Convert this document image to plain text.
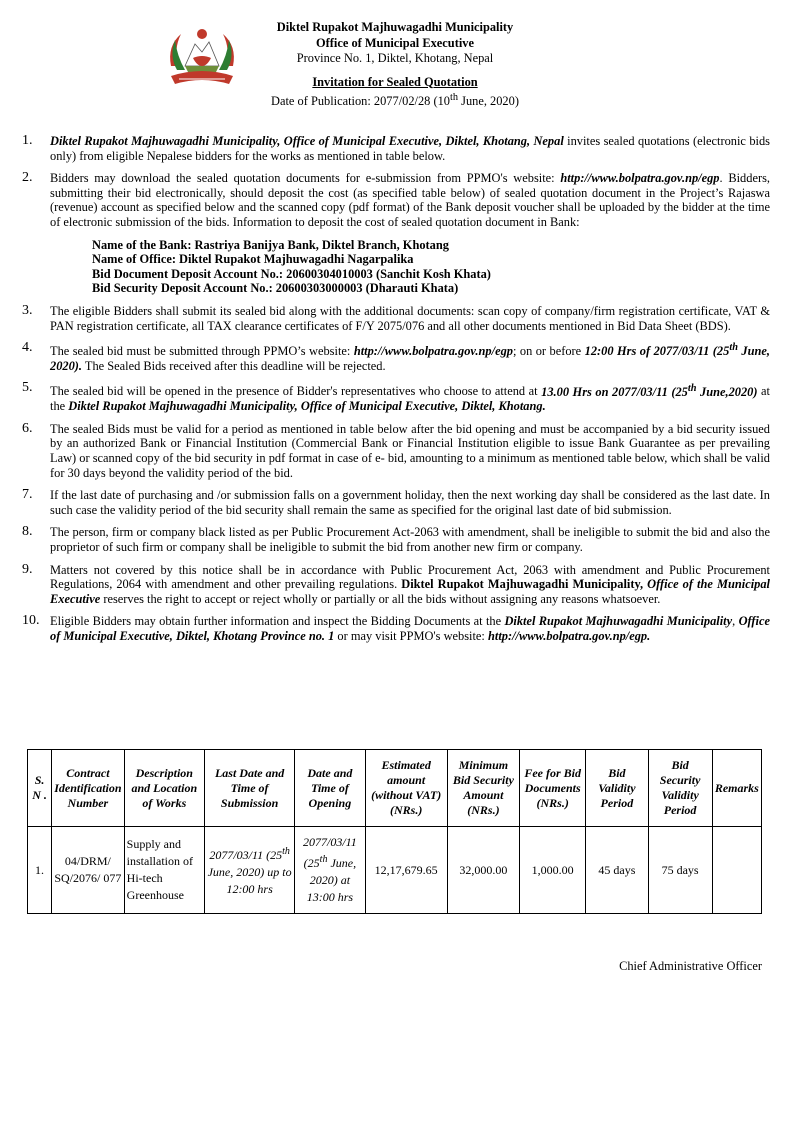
Diktel Rupakot Majhuwagadhi Municipality
Office of Municipal Executive
Province No. 1, Diktel, Khotang, Nepal
Invitation for Sealed Quotation
Date of Publication: 2077/02/28 (10th June, 2020)
1. Diktel Rupakot Majhuwagadhi Municipality, Office of Municipal Executive, Diktel, Khotang, Nepal invites sealed quotations (electronic bids only) from eligible Nepalese bidders for the works as mentioned in table below.
2. Bidders may download the sealed quotation documents for e-submission from PPMO's website: http://www.bolpatra.gov.np/egp. Bidders, submitting their bid electronically, should deposit the cost (as specified table below) of sealed quotation document in the Project’s Rajaswa (revenue) account as specified below and the scanned copy (pdf format) of the Bank deposit voucher shall be uploaded by the bidder at the time of electronic submission of the bids. Information to deposit the cost of sealed quotation document in Bank:
Name of the Bank: Rastriya Banijya Bank, Diktel Branch, Khotang
Name of Office: Diktel Rupakot Majhuwagadhi Nagarpalika
Bid Document Deposit Account No.: 20600304010003 (Sanchit Kosh Khata)
Bid Security Deposit Account No.: 20600303000003 (Dharauti Khata)
3. The eligible Bidders shall submit its sealed bid along with the additional documents: scan copy of company/firm registration certificate, VAT & PAN registration certificate, all TAX clearance certificates of F/Y 2075/076 and all other documents mentioned in Bid Data Sheet (BDS).
4. The sealed bid must be submitted through PPMO’s website: http://www.bolpatra.gov.np/egp; on or before 12:00 Hrs of 2077/03/11 (25th June, 2020). The Sealed Bids received after this deadline will be rejected.
5. The sealed bid will be opened in the presence of Bidder's representatives who choose to attend at 13.00 Hrs on 2077/03/11 (25th June,2020) at the Diktel Rupakot Majhuwagadhi Municipality, Office of Municipal Executive, Diktel, Khotang.
6. The sealed Bids must be valid for a period as mentioned in table below after the bid opening and must be accompanied by a bid security issued by an authorized Bank or Financial Institution (Commercial Bank or Financial Institution eligible to issue Bank Guarantee as per prevailing Law) or scanned copy of the bid security in pdf format in case of e- bid, amounting to a minimum as mentioned table below, which shall be valid for 30 days beyond the validity period of the bid.
7. If the last date of purchasing and /or submission falls on a government holiday, then the next working day shall be considered as the last date. In such case the validity period of the bid security shall remain the same as specified for the original last date of bid submission.
8. The person, firm or company black listed as per Public Procurement Act-2063 with amendment, shall be ineligible to submit the bid and also the proprietor of such firm or company shall be ineligible to submit the bid from another new firm or company.
9. Matters not covered by this notice shall be in accordance with Public Procurement Act, 2063 with amendment and Public Procurement Regulations, 2064 with amendment and other prevailing regulations. Diktel Rupakot Majhuwagadhi Municipality, Office of the Municipal Executive reserves the right to accept or reject wholly or partially or all the bids without assigning any reasons whatsoever.
10. Eligible Bidders may obtain further information and inspect the Bidding Documents at the Diktel Rupakot Majhuwagadhi Municipality, Office of Municipal Executive, Diktel, Khotang Province no. 1 or may visit PPMO's website: http://www.bolpatra.gov.np/egp.
S. N .	Contract Identification Number	Description and Location of Works	Last Date and Time of Submission	Date and Time of Opening	Estimated amount (without VAT) (NRs.)	Minimum Bid Security Amount (NRs.)	Fee for Bid Documents (NRs.)	Bid Validity Period	Bid Security Validity Period	Remarks
1.	04/DRM/ SQ/2076/ 077	Supply and installation of Hi-tech Greenhouse	2077/03/11 (25th June, 2020) up to 12:00 hrs	2077/03/11 (25th June, 2020) at 13:00 hrs	12,17,679.65	32,000.00	1,000.00	45 days	75 days	
Chief Administrative Officer
